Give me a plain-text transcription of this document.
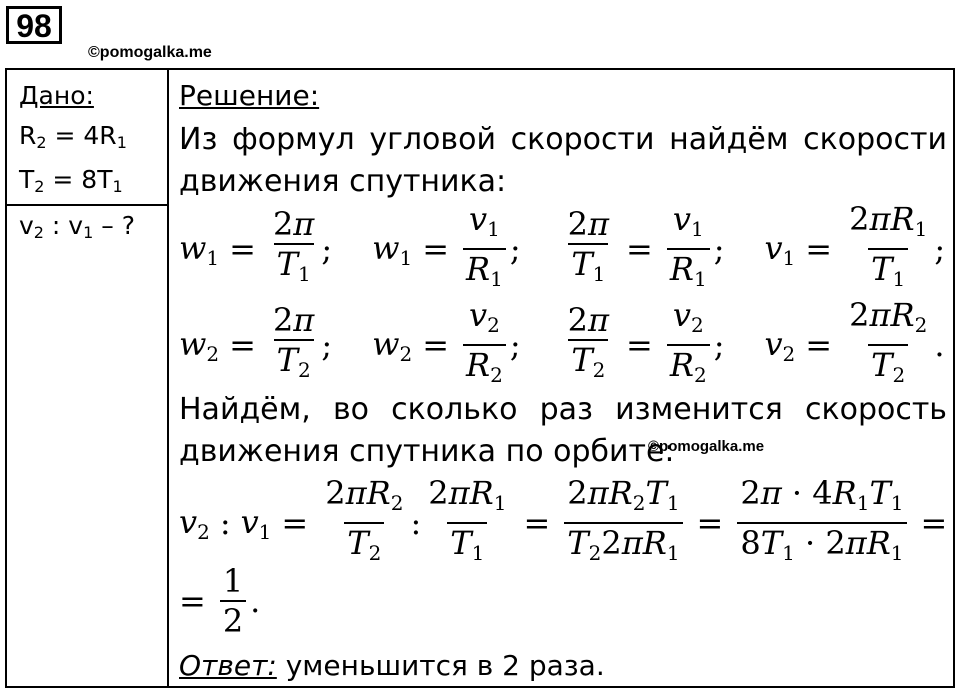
98
©pomogalka.me
Дано:
$R_2 = 4R_1$
$T_2 = 8T_1$
$v_2$ : $v_1$ – ?
Решение:
Из формул угловой скорости найдём скорости
движения спутника:
$w_1 = \frac{2\pi}{T_1}$ ; $w_1 = \frac{v_1}{R_1}$ ; $\frac{2\pi}{T_1} = \frac{v_1}{R_1}$ ; $v_1 = \frac{2\pi R_1}{T_1}$ ;
$w_2 = \frac{2\pi}{T_2}$ ; $w_2 = \frac{v_2}{R_2}$ ; $\frac{2\pi}{T_2} = \frac{v_2}{R_2}$ ; $v_2 = \frac{2\pi R_2}{T_2}$ .
Найдём, во сколько раз изменится скорость
движения спутника по орбите:
$v_2$ : $v_1 = \frac{2\pi R_2}{T_2}$ : $\frac{2\pi R_1}{T_1} = \frac{2\pi R_2T_1}{T_22\pi R_1} = \frac{2\pi \cdot 4R_1T_1}{8T_1 \cdot 2\pi R_1}$ =
= $\frac{1}{2}$ .
Ответ: уменьшится в 2 раза.
©pomogalka.me
